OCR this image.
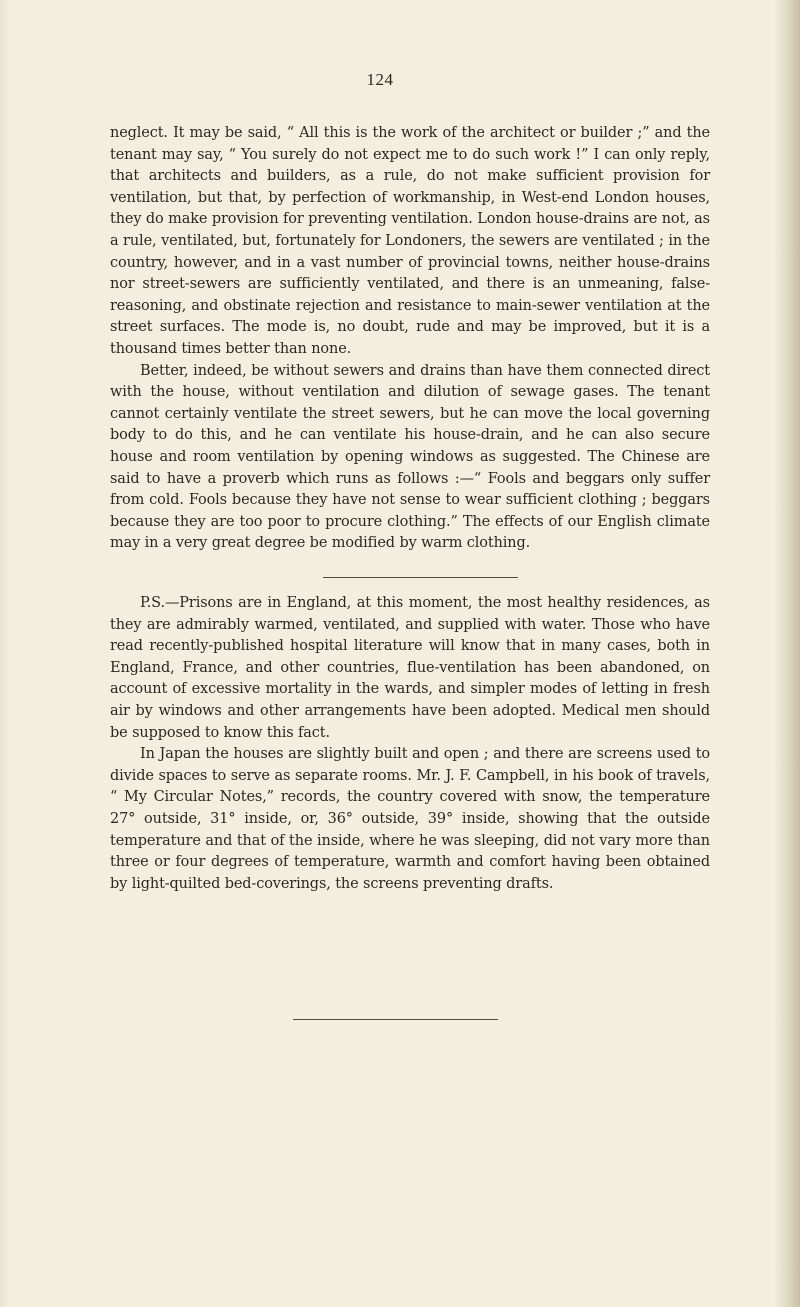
124

neglect. It may be said, “ All this is the work of the architect or builder ;” and the tenant may say, “ You surely do not expect me to do such work !” I can only reply, that architects and builders, as a rule, do not make sufficient provision for ventilation, but that, by perfection of workmanship, in West-end London houses, they do make provision for preventing ventilation. London house-drains are not, as a rule, ventilated, but, fortunately for Londoners, the sewers are ventilated ; in the country, however, and in a vast number of provincial towns, neither house-drains nor street-sewers are sufficiently ventilated, and there is an unmeaning, false-reasoning, and obstinate rejection and resistance to main-sewer ventilation at the street surfaces. The mode is, no doubt, rude and may be improved, but it is a thousand times better than none.

Better, indeed, be without sewers and drains than have them connected direct with the house, without ventilation and dilution of sewage gases. The tenant cannot certainly ventilate the street sewers, but he can move the local governing body to do this, and he can ventilate his house-drain, and he can also secure house and room ventilation by opening windows as suggested. The Chinese are said to have a proverb which runs as follows :—“ Fools and beggars only suffer from cold. Fools because they have not sense to wear sufficient clothing ; beggars because they are too poor to procure clothing.” The effects of our English climate may in a very great degree be modified by warm clothing.

P.S.—Prisons are in England, at this moment, the most healthy residences, as they are admirably warmed, ventilated, and supplied with water. Those who have read recently-published hospital literature will know that in many cases, both in England, France, and other countries, flue-ventilation has been abandoned, on account of excessive mortality in the wards, and simpler modes of letting in fresh air by windows and other arrangements have been adopted. Medical men should be supposed to know this fact.

In Japan the houses are slightly built and open ; and there are screens used to divide spaces to serve as separate rooms. Mr. J. F. Campbell, in his book of travels, “ My Circular Notes,” records, the country covered with snow, the temperature 27° outside, 31° inside, or, 36° outside, 39° inside, showing that the outside temperature and that of the inside, where he was sleeping, did not vary more than three or four degrees of temperature, warmth and comfort having been obtained by light-quilted bed-coverings, the screens preventing drafts.
